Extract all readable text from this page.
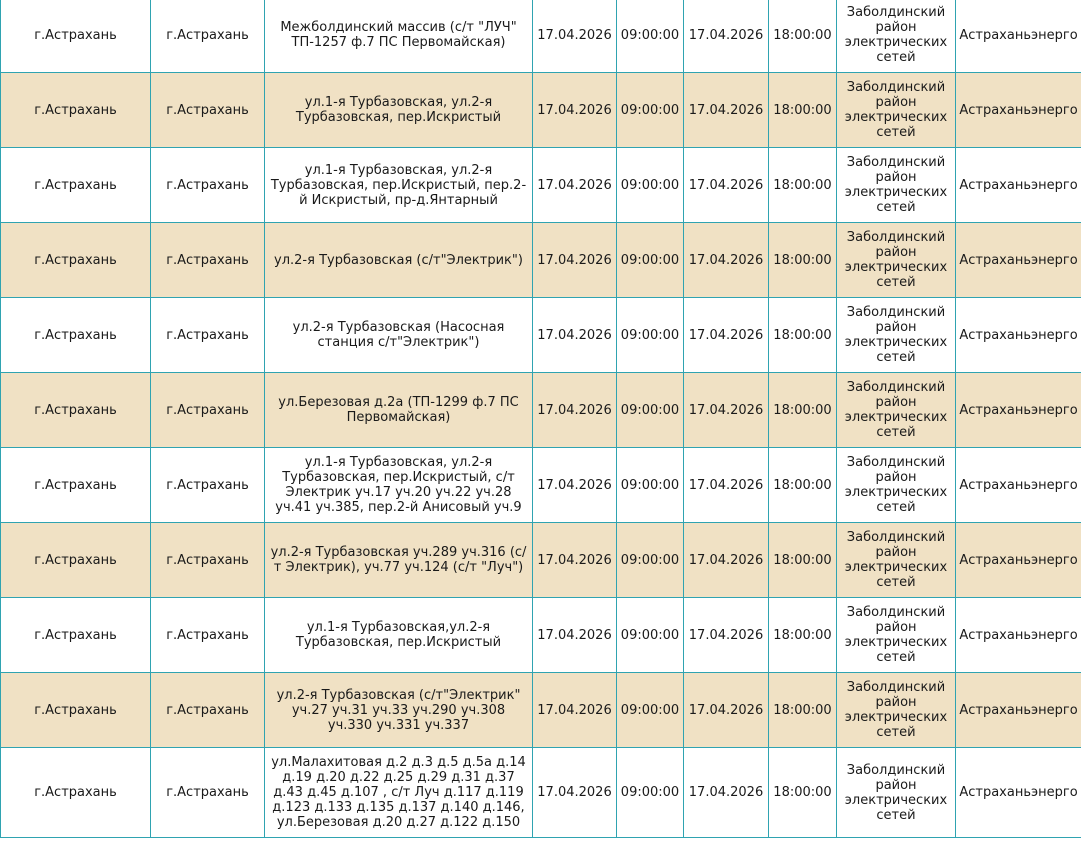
г.Астрахань	г.Астрахань	Межболдинский массив (с/т "ЛУЧ" ТП-1257 ф.7 ПС Первомайская)	17.04.2026	09:00:00	17.04.2026	18:00:00	Заболдинский район электрических сетей	Астраханьэнерго
г.Астрахань	г.Астрахань	ул.1-я Турбазовская, ул.2-я Турбазовская, пер.Искристый	17.04.2026	09:00:00	17.04.2026	18:00:00	Заболдинский район электрических сетей	Астраханьэнерго
г.Астрахань	г.Астрахань	ул.1-я Турбазовская, ул.2-я Турбазовская, пер.Искристый, пер.2-й Искристый, пр-д.Янтарный	17.04.2026	09:00:00	17.04.2026	18:00:00	Заболдинский район электрических сетей	Астраханьэнерго
г.Астрахань	г.Астрахань	ул.2-я Турбазовская (с/т"Электрик")	17.04.2026	09:00:00	17.04.2026	18:00:00	Заболдинский район электрических сетей	Астраханьэнерго
г.Астрахань	г.Астрахань	ул.2-я Турбазовская (Насосная станция с/т"Электрик")	17.04.2026	09:00:00	17.04.2026	18:00:00	Заболдинский район электрических сетей	Астраханьэнерго
г.Астрахань	г.Астрахань	ул.Березовая д.2а (ТП-1299 ф.7 ПС Первомайская)	17.04.2026	09:00:00	17.04.2026	18:00:00	Заболдинский район электрических сетей	Астраханьэнерго
г.Астрахань	г.Астрахань	ул.1-я Турбазовская, ул.2-я Турбазовская, пер.Искристый, с/т Электрик уч.17 уч.20 уч.22 уч.28 уч.41 уч.385, пер.2-й Анисовый уч.9	17.04.2026	09:00:00	17.04.2026	18:00:00	Заболдинский район электрических сетей	Астраханьэнерго
г.Астрахань	г.Астрахань	ул.2-я Турбазовская уч.289 уч.316 (с/т Электрик), уч.77 уч.124 (с/т "Луч")	17.04.2026	09:00:00	17.04.2026	18:00:00	Заболдинский район электрических сетей	Астраханьэнерго
г.Астрахань	г.Астрахань	ул.1-я Турбазовская,ул.2-я Турбазовская, пер.Искристый	17.04.2026	09:00:00	17.04.2026	18:00:00	Заболдинский район электрических сетей	Астраханьэнерго
г.Астрахань	г.Астрахань	ул.2-я Турбазовская (с/т"Электрик" уч.27 уч.31 уч.33 уч.290 уч.308 уч.330 уч.331 уч.337	17.04.2026	09:00:00	17.04.2026	18:00:00	Заболдинский район электрических сетей	Астраханьэнерго
г.Астрахань	г.Астрахань	ул.Малахитовая д.2 д.3 д.5 д.5а д.14 д.19 д.20 д.22 д.25 д.29 д.31 д.37 д.43 д.45 д.107 , с/т Луч д.117 д.119 д.123 д.133 д.135 д.137 д.140 д.146, ул.Березовая д.20 д.27 д.122 д.150	17.04.2026	09:00:00	17.04.2026	18:00:00	Заболдинский район электрических сетей	Астраханьэнерго
